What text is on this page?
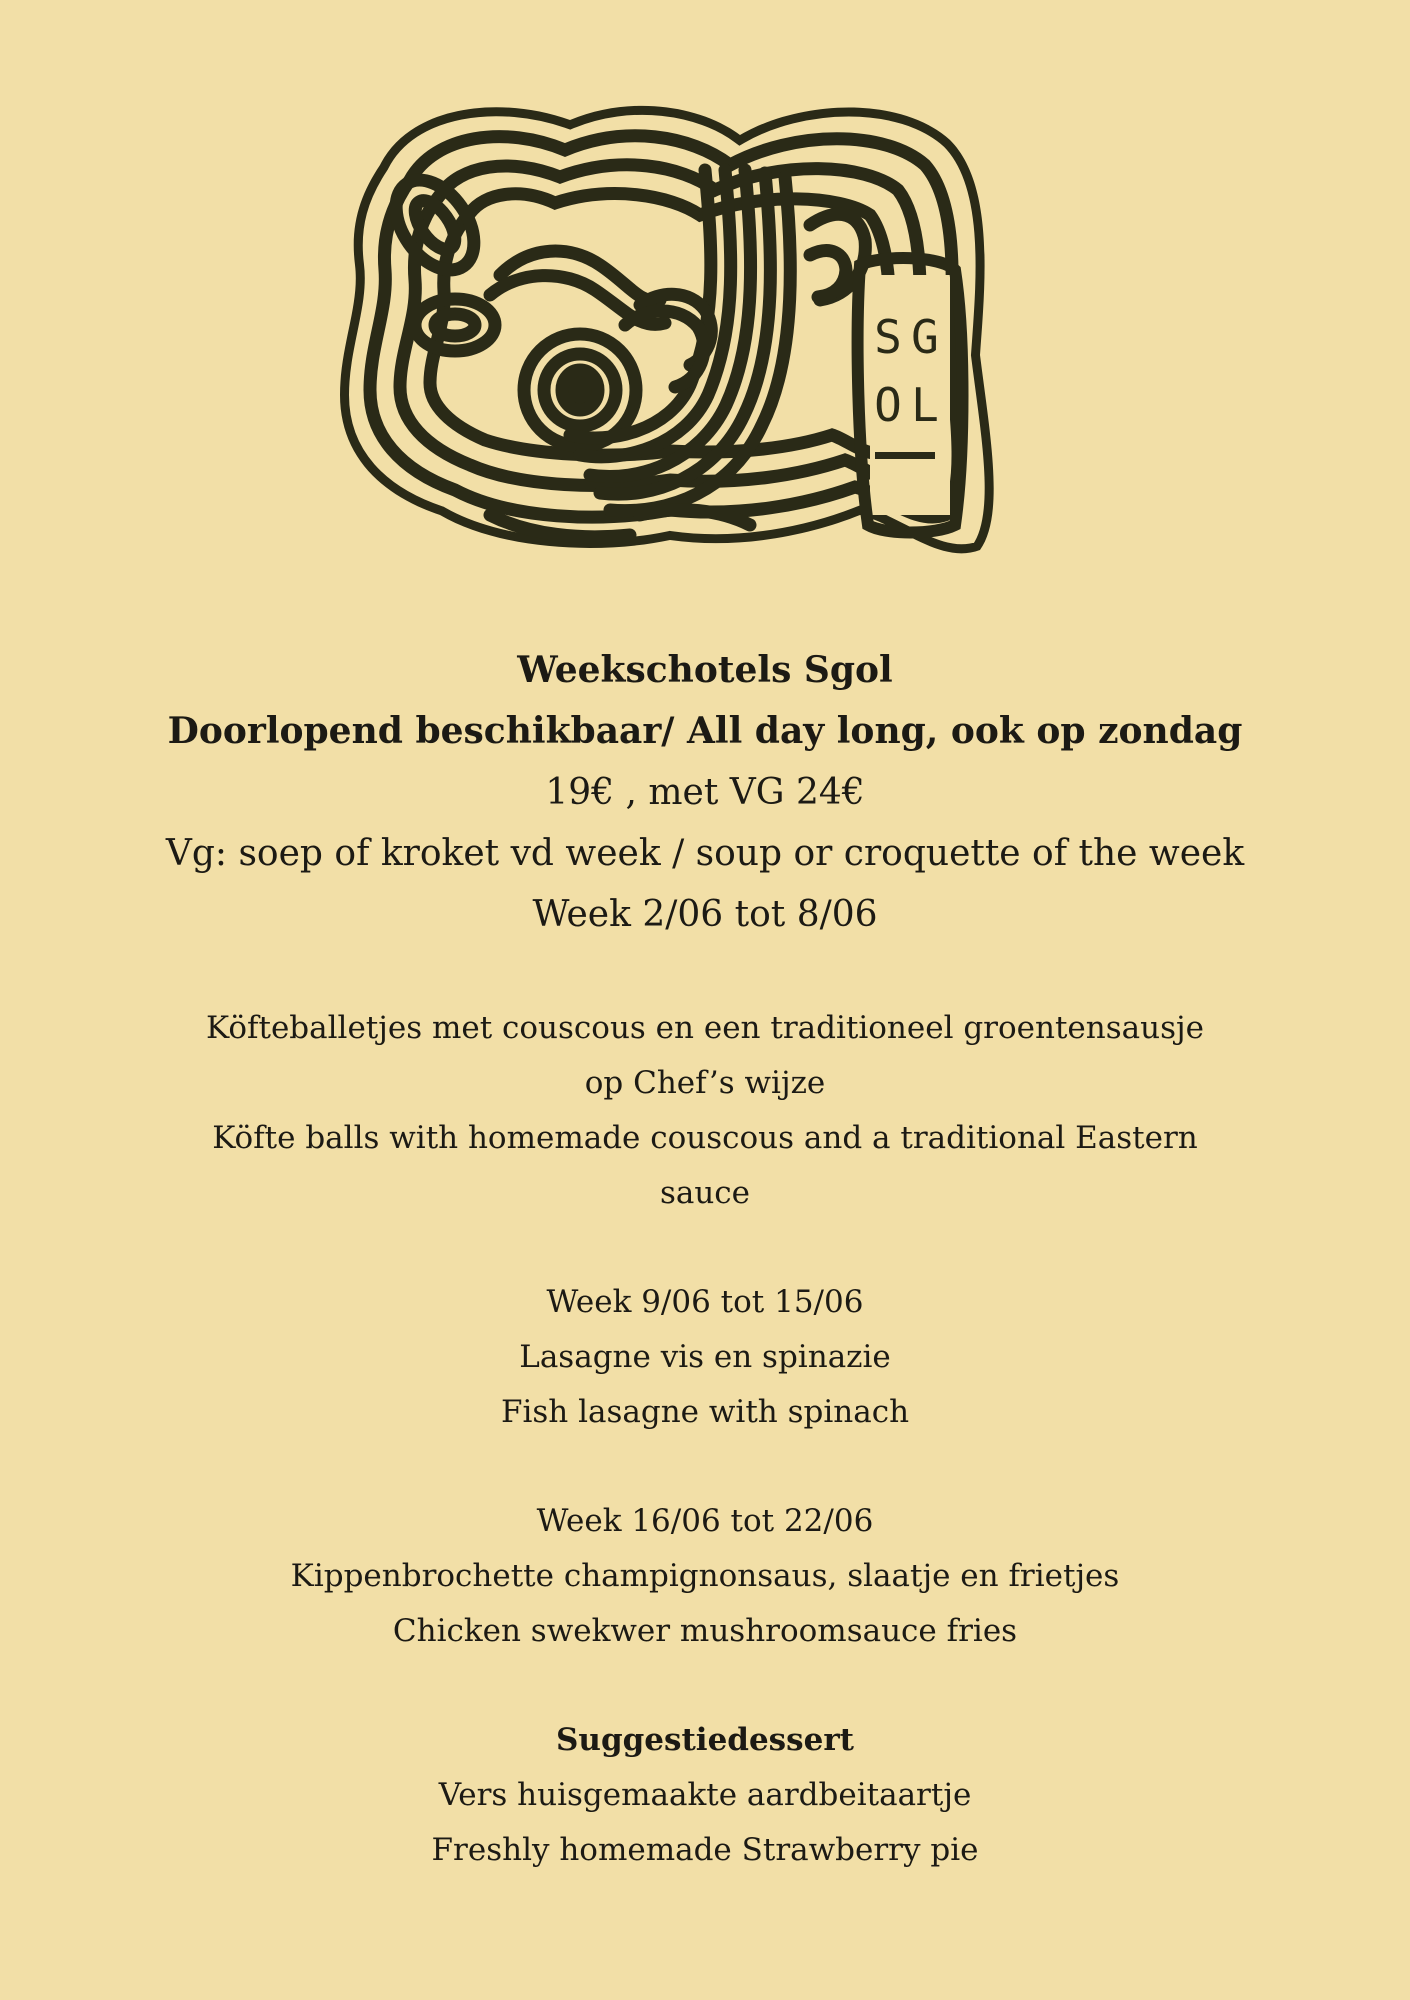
S G
O L
Weekschotels Sgol

Doorlopend beschikbaar/ All day long, ook op zondag

19€ , met VG 24€

Vg: soep of kroket vd week / soup or croquette of the week

Week 2/06 tot 8/06

Köfteballetjes met couscous en een traditioneel groentensausje

op Chef’s wijze

Köfte balls with homemade couscous and a traditional Eastern

sauce

Week 9/06 tot 15/06

Lasagne vis en spinazie

Fish lasagne with spinach

Week 16/06 tot 22/06

Kippenbrochette champignonsaus, slaatje en frietjes

Chicken swekwer mushroomsauce fries

Suggestiedessert

Vers huisgemaakte aardbeitaartje

Freshly homemade Strawberry pie
